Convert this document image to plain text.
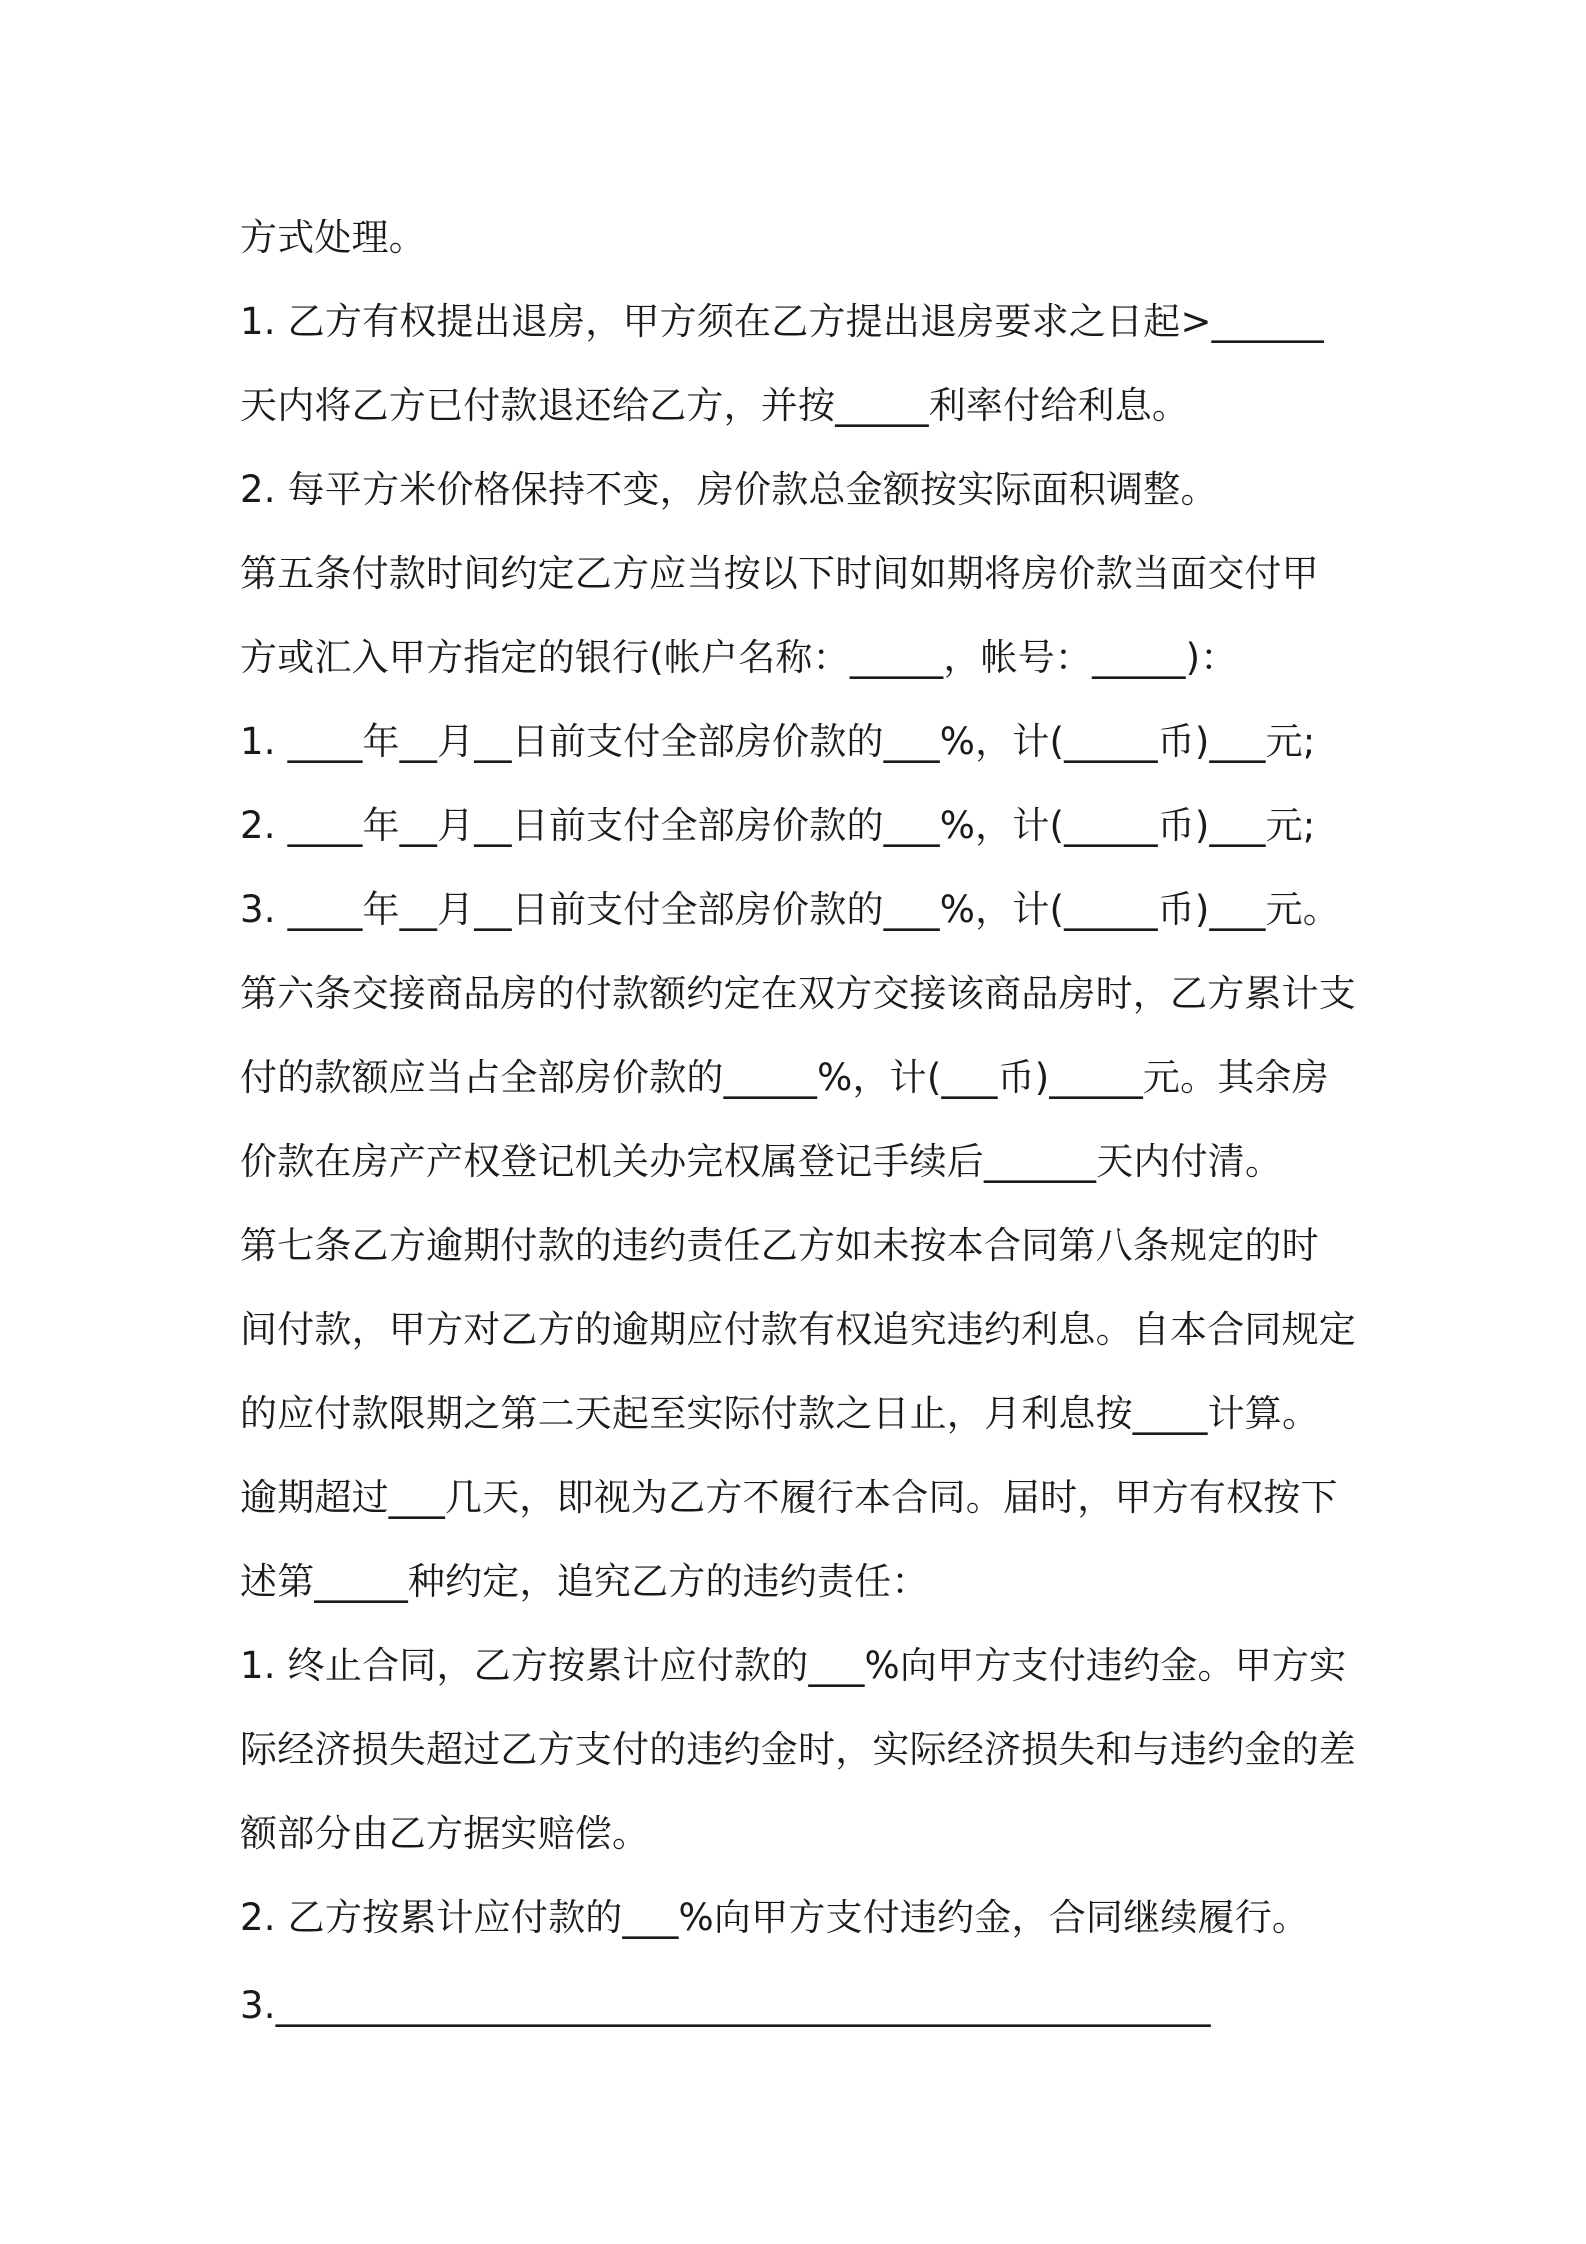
方式处理。
1. 乙方有权提出退房，甲方须在乙方提出退房要求之日起>______
天内将乙方已付款退还给乙方，并按_____利率付给利息。
2. 每平方米价格保持不变，房价款总金额按实际面积调整。
第五条付款时间约定乙方应当按以下时间如期将房价款当面交付甲
方或汇入甲方指定的银行(帐户名称：_____，帐号：_____)：
1. ____年__月__日前支付全部房价款的___%，计(_____币)___元;
2. ____年__月__日前支付全部房价款的___%，计(_____币)___元;
3. ____年__月__日前支付全部房价款的___%，计(_____币)___元。
第六条交接商品房的付款额约定在双方交接该商品房时，乙方累计支
付的款额应当占全部房价款的_____%，计(___币)_____元。其余房
价款在房产产权登记机关办完权属登记手续后______天内付清。
第七条乙方逾期付款的违约责任乙方如未按本合同第八条规定的时
间付款，甲方对乙方的逾期应付款有权追究违约利息。自本合同规定
的应付款限期之第二天起至实际付款之日止，月利息按____计算。
逾期超过___几天，即视为乙方不履行本合同。届时，甲方有权按下
述第_____种约定，追究乙方的违约责任：
1. 终止合同，乙方按累计应付款的___%向甲方支付违约金。甲方实
际经济损失超过乙方支付的违约金时，实际经济损失和与违约金的差
额部分由乙方据实赔偿。
2. 乙方按累计应付款的___%向甲方支付违约金，合同继续履行。
3.__________________________________________________
